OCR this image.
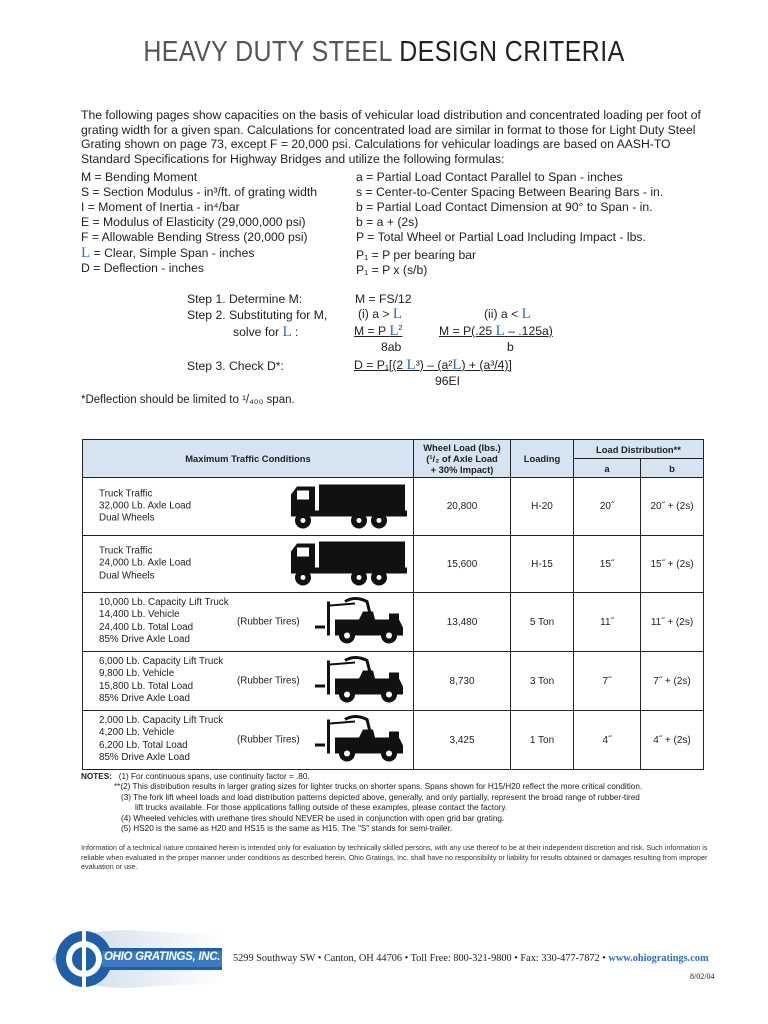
HEAVY DUTY STEEL DESIGN CRITERIA
The following pages show capacities on the basis of vehicular load distribution and concentrated loading per foot of grating width for a given span. Calculations for concentrated load are similar in format to those for Light Duty Steel Grating shown on page 73, except F = 20,000 psi. Calculations for vehicular loadings are based on AASH-TO Standard Specifications for Highway Bridges and utilize the following formulas:
M = Bending Moment
S = Section Modulus - in³/ft. of grating width
I = Moment of Inertia - in⁴/bar
E = Modulus of Elasticity (29,000,000 psi)
F = Allowable Bending Stress (20,000 psi)
L = Clear, Simple Span - inches
D = Deflection - inches
a = Partial Load Contact Parallel to Span - inches
s = Center-to-Center Spacing Between Bearing Bars - in.
b = Partial Load Contact Dimension at 90° to Span - in.
b = a + (2s)
P = Total Wheel or Partial Load Including Impact - lbs.
P₁ = P per bearing bar
P₁ = P x (s/b)
Step 1. Determine M:	M = FS/12
Step 2. Substituting for M,	(i) a > L	(ii) a < L
solve for L :	M = P $L^2$
8ab
M = P(.25 L – .125a)
b
Step 3. Check D*:	D = P₁[(2 L³) – (a²L) + (a³/4)]
96EI
*Deflection should be limited to ¹/₄₀₀ span.
Maximum Traffic Conditions	Wheel Load (lbs.)
(¹/₂ of Axle Load
+ 30% Impact)	Loading	Load Distribution**	
			a	b

Truck Traffic
32,000 Lb. Axle Load
Dual Wheels	20,800	H-20	20˝	20˝ + (2s)

Truck Traffic
24,000 Lb. Axle Load
Dual Wheels	15,600	H-15	15˝	15˝ + (2s)

10,000 Lb. Capacity Lift Truck
14,400 Lb. Vehicle
24,400 Lb. Total Load
85% Drive Axle Load
(Rubber Tires)	13,480	5 Ton	11˝	11˝ + (2s)

6,000 Lb. Capacity Lift Truck
9,800 Lb. Vehicle
15,800 Lb. Total Load
85% Drive Axle Load
(Rubber Tires)	8,730	3 Ton	7˝	7˝ + (2s)

2,000 Lb. Capacity Lift Truck
4,200 Lb. Vehicle
6,200 Lb. Total Load
85% Drive Axle Load
(Rubber Tires)	3,425	1 Ton	4˝	4˝ + (2s)
NOTES: (1) For continuous spans, use continuity factor = .80.
**(2) This distribution results in larger grating sizes for lighter trucks on shorter spans. Spans shown for H15/H20 reflect the more critical condition.
(3) The fork lift wheel loads and load distribution patterns depicted above, generally, and only partially, represent the broad range of rubber-tired
lift trucks available. For those applications falling outside of these examples, please contact the factory.
(4) Wheeled vehicles with urethane tires should NEVER be used in conjunction with open grid bar grating.
(5) HS20 is the same as H20 and HS15 is the same as H15. The "S" stands for semi-trailer.
Information of a technical nature contained herein is intended only for evaluation by technically skilled persons, with any use thereof to be at their independent discretion and risk. Such information is reliable when evaluated in the proper manner under conditions as described herein. Ohio Gratings, Inc. shall have no responsibility or liability for results obtained or damages resulting from improper evaluation or use.
OHIO GRATINGS, INC. 5299 Southway SW • Canton, OH 44706 • Toll Free: 800-321-9800 • Fax: 330-477-7872 • www.ohiogratings.com
8/02/04
